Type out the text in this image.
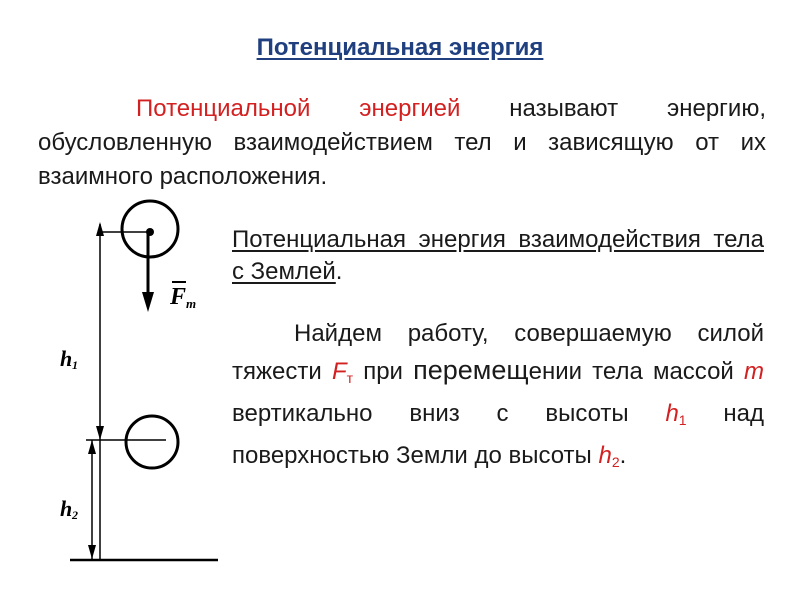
Потенциальная энергия
Потенциальной энергией называют энергию, обусловленную взаимодействием тел и зависящую от их взаимного расположения.
F т
h 1
h 2
Потенциальная энергия взаимодействия тела с Землей.
Найдем работу, совершаемую силой тяжести $F_т$ при перемещении тела массой m вертикально вниз с высоты $h_1$ над поверхностью Земли до высоты $h_2$.
